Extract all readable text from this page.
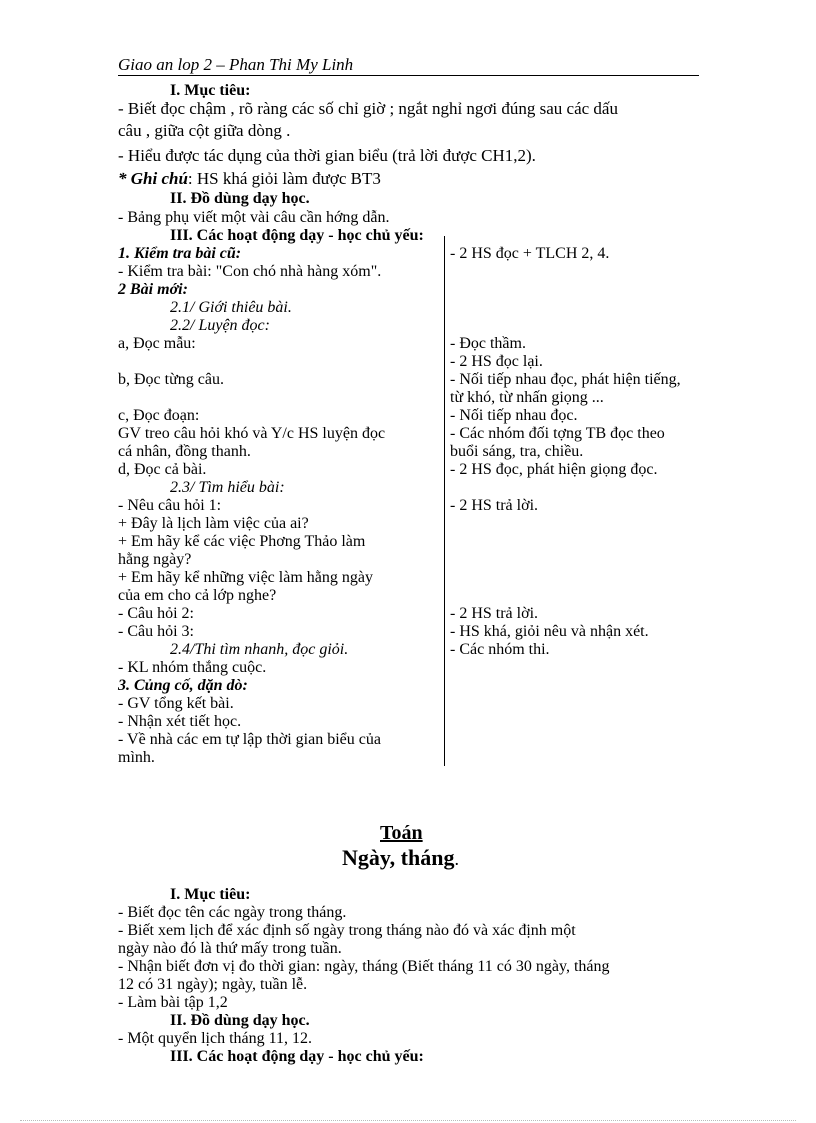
Giao an lop 2 – Phan Thi My Linh
I. Mục tiêu:
- Biết đọc chậm , rõ ràng các số chỉ giờ ; ngắt nghỉ ngơi đúng sau các dấu
câu , giữa cột giữa dòng .
- Hiểu được tác dụng của thời gian biểu (trả lời được CH1,2).
* Ghi chú: HS khá giỏi làm được BT3
II. Đồ dùng dạy học.
- Bảng phụ viết một vài câu cần hớng dẫn.
III. Các hoạt động dạy - học chủ yếu:
1. Kiểm tra bài cũ:
- Kiểm tra bài: "Con chó nhà hàng xóm".
2 Bài mới:
2.1/ Giới thiêu bài.
2.2/ Luyện đọc:
a, Đọc mẫu:
b, Đọc từng câu.
c, Đọc đoạn:
GV treo câu hỏi khó và Y/c HS luyện đọc
cá nhân, đồng thanh.
d, Đọc cả bài.
2.3/ Tìm hiểu bài:
- Nêu câu hỏi 1:
+ Đây là lịch làm việc của ai?
+ Em hãy kể các việc Phơng Thảo làm
hằng ngày?
+ Em hãy kể những việc làm hằng ngày
của em cho cả lớp nghe?
- Câu hỏi 2:
- Câu hỏi 3:
2.4/Thi tìm nhanh, đọc giỏi.
- KL nhóm thắng cuộc.
3. Củng cố, dặn dò:
- GV tổng kết bài.
- Nhận xét tiết học.
- Về nhà các em tự lập thời gian biểu của
mình.
- 2 HS đọc + TLCH 2, 4.
- Đọc thầm.
- 2 HS đọc lại.
- Nối tiếp nhau đọc, phát hiện tiếng,
từ khó, từ nhấn giọng ...
- Nối tiếp nhau đọc.
- Các nhóm đối tợng TB đọc theo
buổi sáng, tra, chiều.
- 2 HS đọc, phát hiện giọng đọc.
- 2 HS trả lời.
- 2 HS trả lời.
- HS khá, giỏi nêu và nhận xét.
- Các nhóm thi.
Toán
Ngày, tháng.
I. Mục tiêu:
- Biết đọc tên các ngày trong tháng.
- Biết xem lịch để xác định số ngày trong tháng nào đó và xác định một
ngày nào đó là thứ mấy trong tuần.
- Nhận biết đơn vị đo thời gian: ngày, tháng (Biết tháng 11 có 30 ngày, tháng
12 có 31 ngày); ngày, tuần lễ.
- Làm bài tập 1,2
II. Đồ dùng dạy học.
- Một quyển lịch tháng 11, 12.
III. Các hoạt động dạy - học chủ yếu:
